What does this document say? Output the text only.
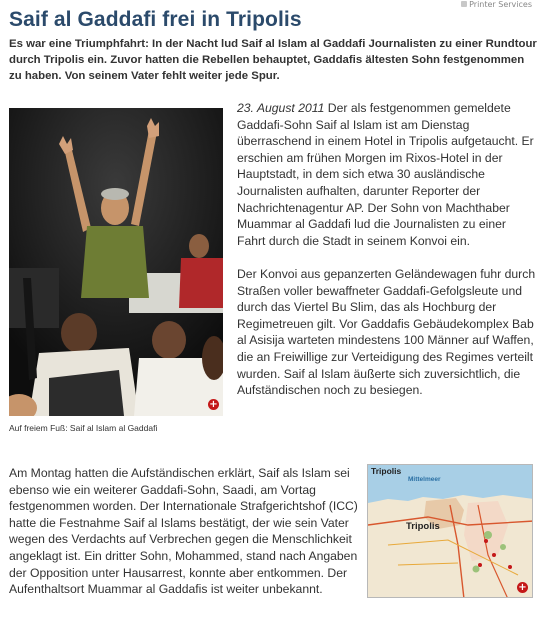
Printer Services
Saif al Gaddafi frei in Tripolis
Es war eine Triumphfahrt: In der Nacht lud Saif al Islam al Gaddafi Journalisten zu einer Rundtour durch Tripolis ein. Zuvor hatten die Rebellen behauptet, Gaddafis ältesten Sohn festgenommen zu haben. Von seinem Vater fehlt weiter jede Spur.
+
Auf freiem Fuß: Saif al Islam al Gaddafi

23. August 2011 Der als festgenommen gemeldete Gaddafi-Sohn Saif al Islam ist am Dienstag überraschend in einem Hotel in Tripolis aufgetaucht. Er erschien am frühen Morgen im Rixos-Hotel in der Hauptstadt, in dem sich etwa 30 ausländische Journalisten aufhalten, darunter Reporter der Nachrichtenagentur AP. Der Sohn von Machthaber Muammar al Gaddafi lud die Journalisten zu einer Fahrt durch die Stadt in seinem Konvoi ein.

Der Konvoi aus gepanzerten Geländewagen fuhr durch Straßen voller bewaffneter Gaddafi-Gefolgsleute und durch das Viertel Bu Slim, das als Hochburg der Regimetreuen gilt. Vor Gaddafis Gebäudekomplex Bab al Asisija warteten mindestens 100 Männer auf Waffen, die an Freiwillige zur Verteidigung des Regimes verteilt wurden. Saif al Islam äußerte sich zuversichtlich, die Aufständischen noch zu besiegen.

Am Montag hatten die Aufständischen erklärt, Saif als Islam sei ebenso wie ein weiterer Gaddafi-Sohn, Saadi, am Vortag festgenommen worden. Der Internationale Strafgerichtshof (ICC) hatte die Festnahme Saif al Islams bestätigt, der wie sein Vater wegen des Verdachts auf Verbrechen gegen die Menschlichkeit angeklagt ist. Ein dritter Sohn, Mohammed, stand nach Angaben der Opposition unter Hausarrest, konnte aber entkommen. Der Aufenthaltsort Muammar al Gaddafis ist weiter unbekannt.

Tripolis
Mittelmeer
Tripolis
+
